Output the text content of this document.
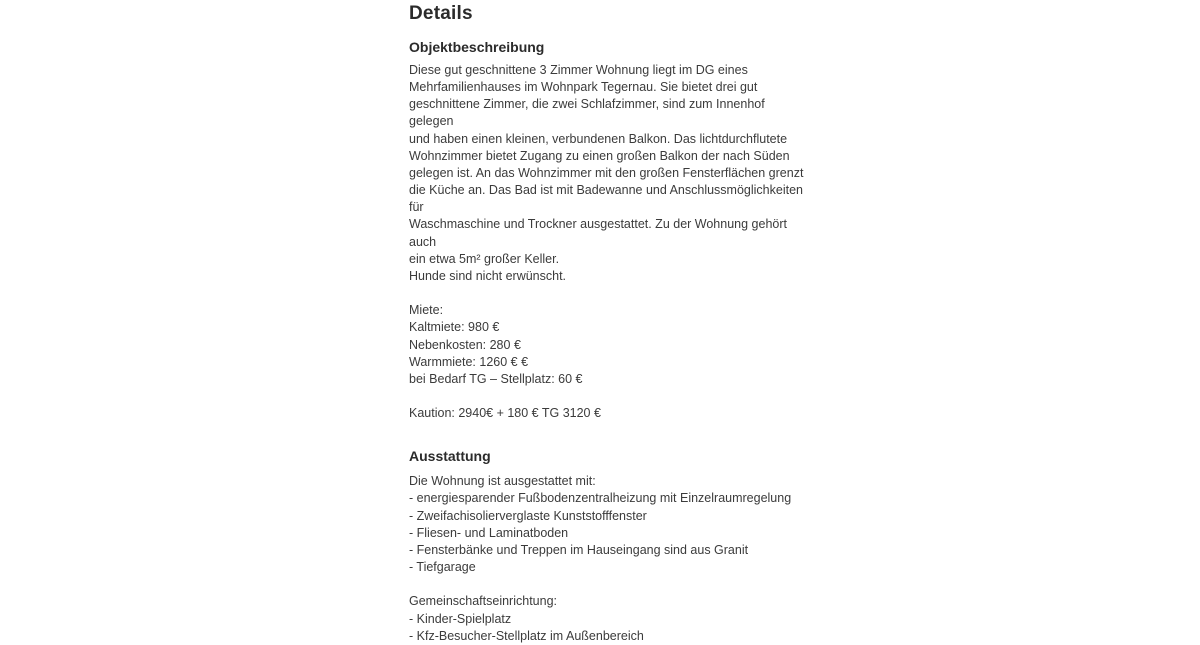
Details
Objektbeschreibung

Diese gut geschnittene 3 Zimmer Wohnung liegt im DG eines
Mehrfamilienhauses im Wohnpark Tegernau. Sie bietet drei gut
geschnittene Zimmer, die zwei Schlafzimmer, sind zum Innenhof gelegen
und haben einen kleinen, verbundenen Balkon. Das lichtdurchflutete
Wohnzimmer bietet Zugang zu einen großen Balkon der nach Süden
gelegen ist. An das Wohnzimmer mit den großen Fensterflächen grenzt
die Küche an. Das Bad ist mit Badewanne und Anschlussmöglichkeiten für
Waschmaschine und Trockner ausgestattet. Zu der Wohnung gehört auch
ein etwa 5m² großer Keller.
Hunde sind nicht erwünscht.

Miete:
Kaltmiete: 980 €
Nebenkosten: 280 €
Warmmiete: 1260 € €
bei Bedarf TG – Stellplatz: 60 €

Kaution: 2940€ + 180 € TG 3120 €

Ausstattung

Die Wohnung ist ausgestattet mit:
- energiesparender Fußbodenzentralheizung mit Einzelraumregelung
- Zweifachisolierverglaste Kunststofffenster
- Fliesen- und Laminatboden
- Fensterbänke und Treppen im Hauseingang sind aus Granit
- Tiefgarage

Gemeinschaftseinrichtung:
- Kinder-Spielplatz
- Kfz-Besucher-Stellplatz im Außenbereich
